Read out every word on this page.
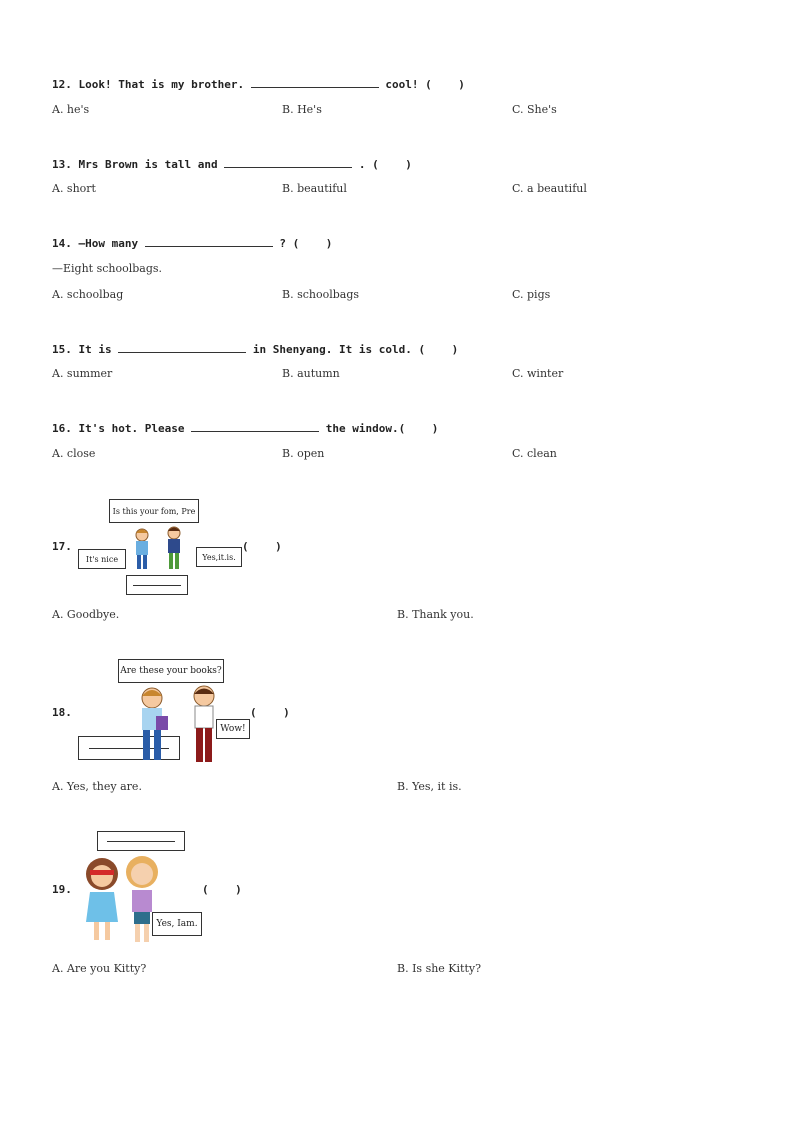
12. Look! That is my brother.	cool! (    )
A. he's	B. He's	C. She's
13. Mrs Brown is tall and	. (    )
A. short	B. beautiful	C. a beautiful
14. —How many	? (    )
—Eight schoolbags.
A. schoolbag	B. schoolbags	C. pigs
15. It is	in Shenyang. It is cold. (    )
A. summer	B. autumn	C. winter
16. It's hot. Please	the window.(    )
A. close	B. open	C. clean
17.	(    )
Is this your fom, Pre
It's nice	Yes,it.is.
A. Goodbye.	B. Thank you.
18.	(    )
Are these your books?
Wow!
A. Yes, they are.	B. Yes, it is.
19.	(    )
Yes, Iam.
A. Are you Kitty?	B. Is she Kitty?
